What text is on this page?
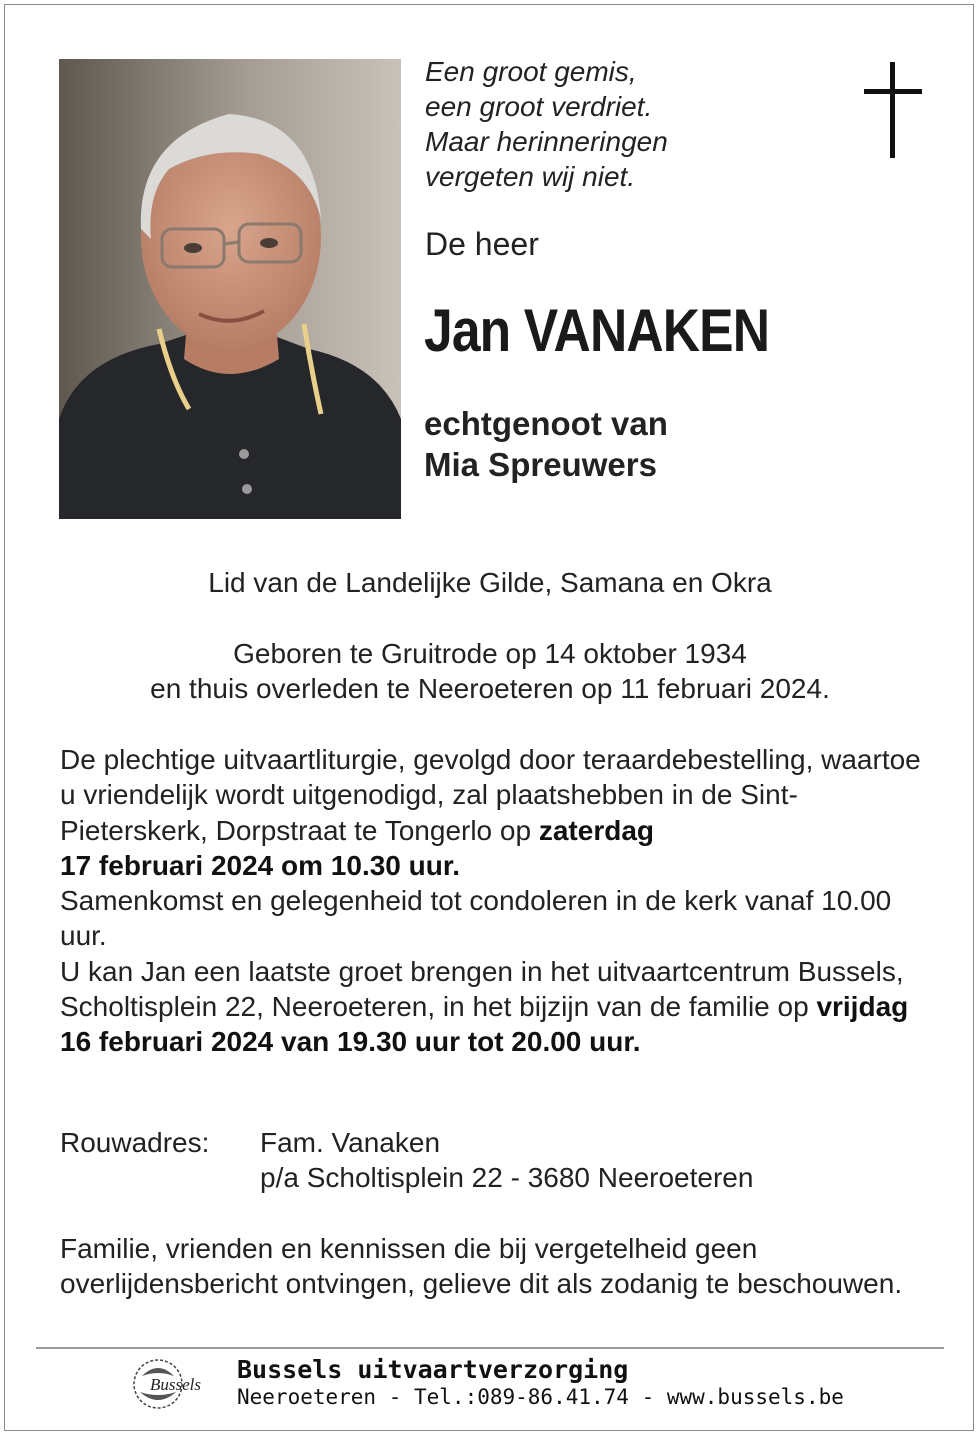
Een groot gemis,
een groot verdriet.
Maar herinneringen
vergeten wij niet.
De heer
Jan VANAKEN
echtgenoot van
Mia Spreuwers
Lid van de Landelijke Gilde, Samana en Okra
Geboren te Gruitrode op 14 oktober 1934
en thuis overleden te Neeroeteren op 11 februari 2024.

De plechtige uitvaartliturgie, gevolgd door teraardebestelling, waartoe u vriendelijk wordt uitgenodigd, zal plaatshebben in de Sint-Pieterskerk, Dorpstraat te Tongerlo op zaterdag
17 februari 2024 om 10.30 uur.

Samenkomst en gelegenheid tot condoleren in de kerk vanaf 10.00 uur.

U kan Jan een laatste groet brengen in het uitvaartcentrum Bussels, Scholtisplein 22, Neeroeteren, in het bijzijn van de familie op vrijdag 16 februari 2024 van 19.30 uur tot 20.00 uur.

Rouwadres: Fam. Vanaken
p/a Scholtisplein 22 - 3680 Neeroeteren
Familie, vrienden en kennissen die bij vergetelheid geen overlijdensbericht ontvingen, gelieve dit als zodanig te beschouwen.
Bussels
Bussels uitvaartverzorging
Neeroeteren - Tel.:089-86.41.74 - www.bussels.be
